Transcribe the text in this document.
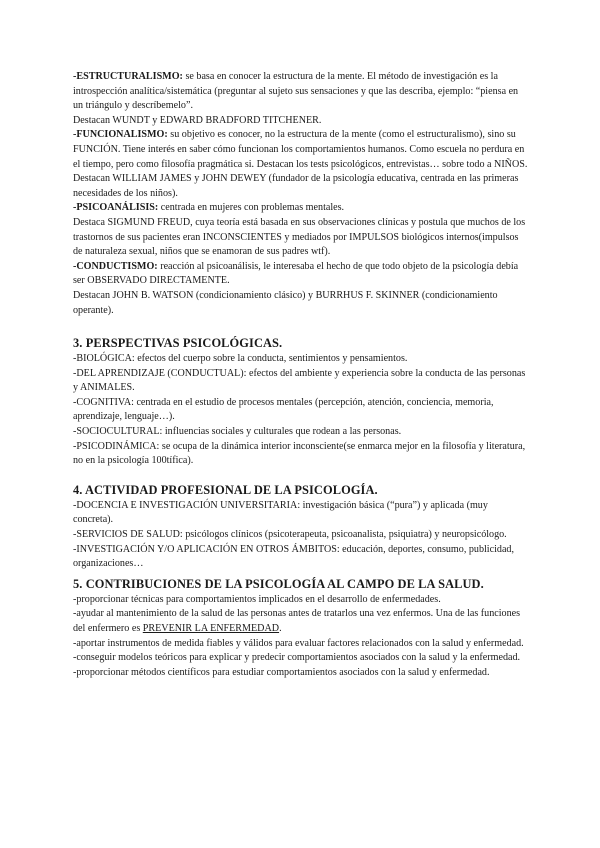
-ESTRUCTURALISMO: se basa en conocer la estructura de la mente. El método de investigación es la introspección analítica/sistemática (preguntar al sujeto sus sensaciones y que las describa, ejemplo: “piensa en un triángulo y descríbemelo”.

Destacan WUNDT y EDWARD BRADFORD TITCHENER.

-FUNCIONALISMO: su objetivo es conocer, no la estructura de la mente (como el estructuralismo), sino su FUNCIÓN. Tiene interés en saber cómo funcionan los comportamientos humanos. Como escuela no perdura en el tiempo, pero como filosofía pragmática si. Destacan los tests psicológicos, entrevistas… sobre todo a NIÑOS.

Destacan WILLIAM JAMES y JOHN DEWEY (fundador de la psicología educativa, centrada en las primeras necesidades de los niños).

-PSICOANÁLISIS: centrada en mujeres con problemas mentales.

Destaca SIGMUND FREUD, cuya teoría está basada en sus observaciones clínicas y postula que muchos de los trastornos de sus pacientes eran INCONSCIENTES y mediados por IMPULSOS biológicos internos(impulsos de naturaleza sexual, niños que se enamoran de sus padres wtf).

-CONDUCTISMO: reacción al psicoanálisis, le interesaba el hecho de que todo objeto de la psicología debía ser OBSERVADO DIRECTAMENTE.

Destacan JOHN B. WATSON (condicionamiento clásico) y BURRHUS F. SKINNER (condicionamiento operante).

3. PERSPECTIVAS PSICOLÓGICAS.

-BIOLÓGICA: efectos del cuerpo sobre la conducta, sentimientos y pensamientos.

-DEL APRENDIZAJE (CONDUCTUAL): efectos del ambiente y experiencia sobre la conducta de las personas y ANIMALES.

-COGNITIVA: centrada en el estudio de procesos mentales (percepción, atención, conciencia, memoria, aprendizaje, lenguaje…).

-SOCIOCULTURAL: influencias sociales y culturales que rodean a las personas.

-PSICODINÁMICA: se ocupa de la dinámica interior inconsciente(se enmarca mejor en la filosofía y literatura, no en la psicología 100tífica).

4. ACTIVIDAD PROFESIONAL DE LA PSICOLOGÍA.

-DOCENCIA E INVESTIGACIÓN UNIVERSITARIA: investigación básica (“pura”) y aplicada (muy concreta).

-SERVICIOS DE SALUD: psicólogos clínicos (psicoterapeuta, psicoanalista, psiquiatra) y neuropsicólogo.

-INVESTIGACIÓN Y/O APLICACIÓN EN OTROS ÁMBITOS: educación, deportes, consumo, publicidad, organizaciones…

5. CONTRIBUCIONES DE LA PSICOLOGÍA AL CAMPO DE LA SALUD.

-proporcionar técnicas para comportamientos implicados en el desarrollo de enfermedades.

-ayudar al mantenimiento de la salud de las personas antes de tratarlos una vez enfermos. Una de las funciones del enfermero es PREVENIR LA ENFERMEDAD.

-aportar instrumentos de medida fiables y válidos para evaluar factores relacionados con la salud y enfermedad.

-conseguir modelos teóricos para explicar y predecir comportamientos asociados con la salud y la enfermedad.

-proporcionar métodos científicos para estudiar comportamientos asociados con la salud y enfermedad.
